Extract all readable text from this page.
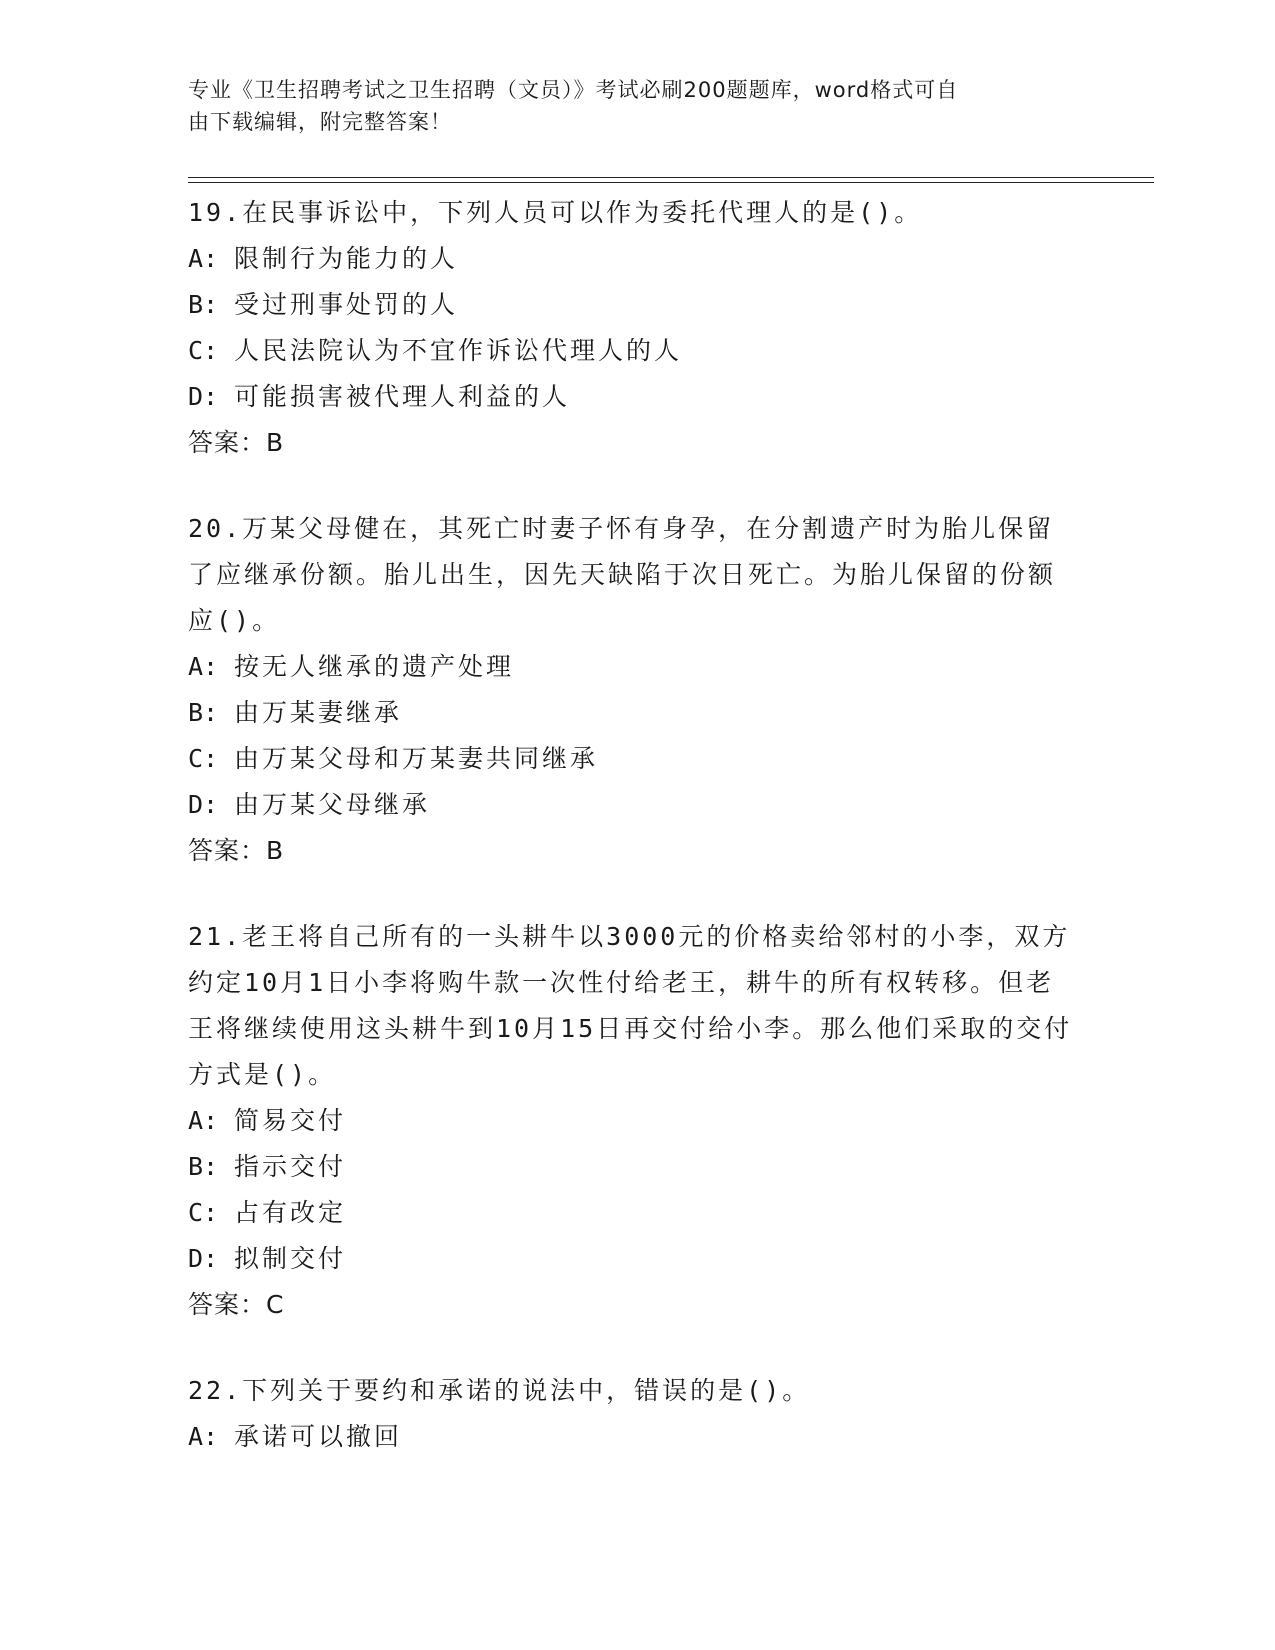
专业《卫生招聘考试之卫生招聘（文员）》考试必刷200题题库，word格式可自
由下载编辑，附完整答案！

19.在民事诉讼中，下列人员可以作为委托代理人的是()。

A: 限制行为能力的人

B: 受过刑事处罚的人

C: 人民法院认为不宜作诉讼代理人的人

D: 可能损害被代理人利益的人

答案：B

20.万某父母健在，其死亡时妻子怀有身孕，在分割遗产时为胎儿保留了应继承份额。胎儿出生，因先天缺陷于次日死亡。为胎儿保留的份额应()。

A: 按无人继承的遗产处理

B: 由万某妻继承

C: 由万某父母和万某妻共同继承

D: 由万某父母继承

答案：B

21.老王将自己所有的一头耕牛以3000元的价格卖给邻村的小李，双方约定10月1日小李将购牛款一次性付给老王，耕牛的所有权转移。但老王将继续使用这头耕牛到10月15日再交付给小李。那么他们采取的交付方式是()。

A: 简易交付

B: 指示交付

C: 占有改定

D: 拟制交付

答案：C

22.下列关于要约和承诺的说法中，错误的是()。

A: 承诺可以撤回
